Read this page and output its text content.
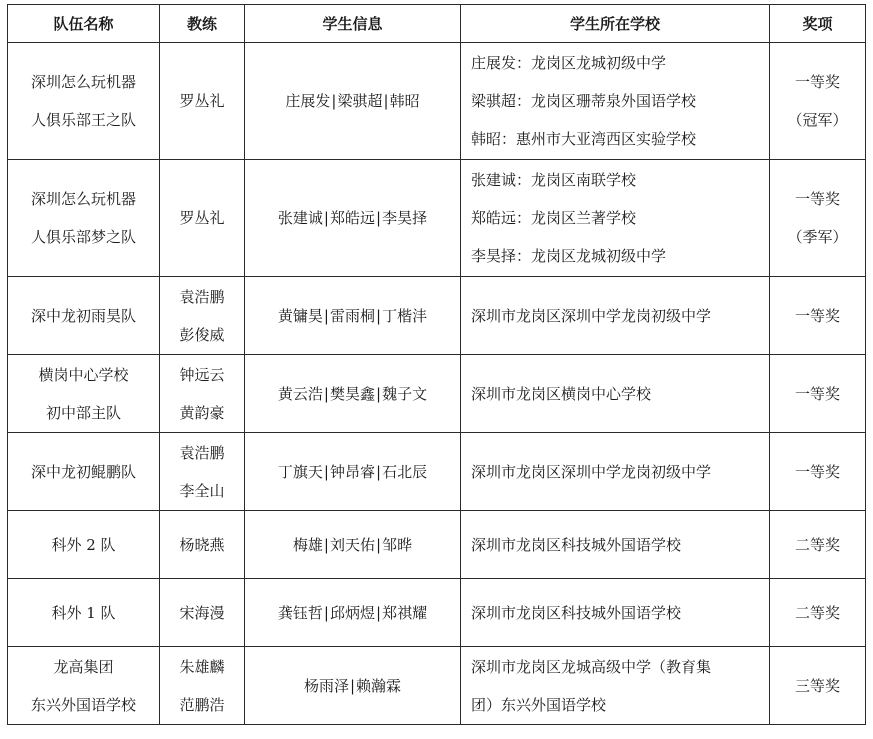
队伍名称	教练	学生信息	学生所在学校	奖项

深圳怎么玩机器
人俱乐部王之队	罗丛礼	庄展发|梁骐超|韩昭	庄展发：龙岗区龙城初级中学
梁骐超：龙岗区珊蒂泉外国语学校
韩昭：惠州市大亚湾西区实验学校	一等奖
（冠军）

深圳怎么玩机器
人俱乐部梦之队	罗丛礼	张建诚|郑皓远|李昊择	张建诚：龙岗区南联学校
郑皓远：龙岗区兰著学校
李昊择：龙岗区龙城初级中学	一等奖
（季军）

深中龙初雨昊队	袁浩鹏
彭俊威	黄镛昊|雷雨桐|丁楷沣	深圳市龙岗区深圳中学龙岗初级中学	一等奖

横岗中心学校
初中部主队	钟远云
黄韵豪	黄云浩|樊昊鑫|魏子文	深圳市龙岗区横岗中心学校	一等奖

深中龙初鲲鹏队	袁浩鹏
李全山	丁旗天|钟昂睿|石北辰	深圳市龙岗区深圳中学龙岗初级中学	一等奖

科外 2 队	杨晓燕	梅雄|刘天佑|邹晔	深圳市龙岗区科技城外国语学校	二等奖

科外 1 队	宋海漫	龚钰哲|邱炳煜|郑祺耀	深圳市龙岗区科技城外国语学校	二等奖

龙高集团
东兴外国语学校	朱雄麟
范鹏浩	杨雨泽|赖瀚霖	深圳市龙岗区龙城高级中学（教育集
团）东兴外国语学校	三等奖
